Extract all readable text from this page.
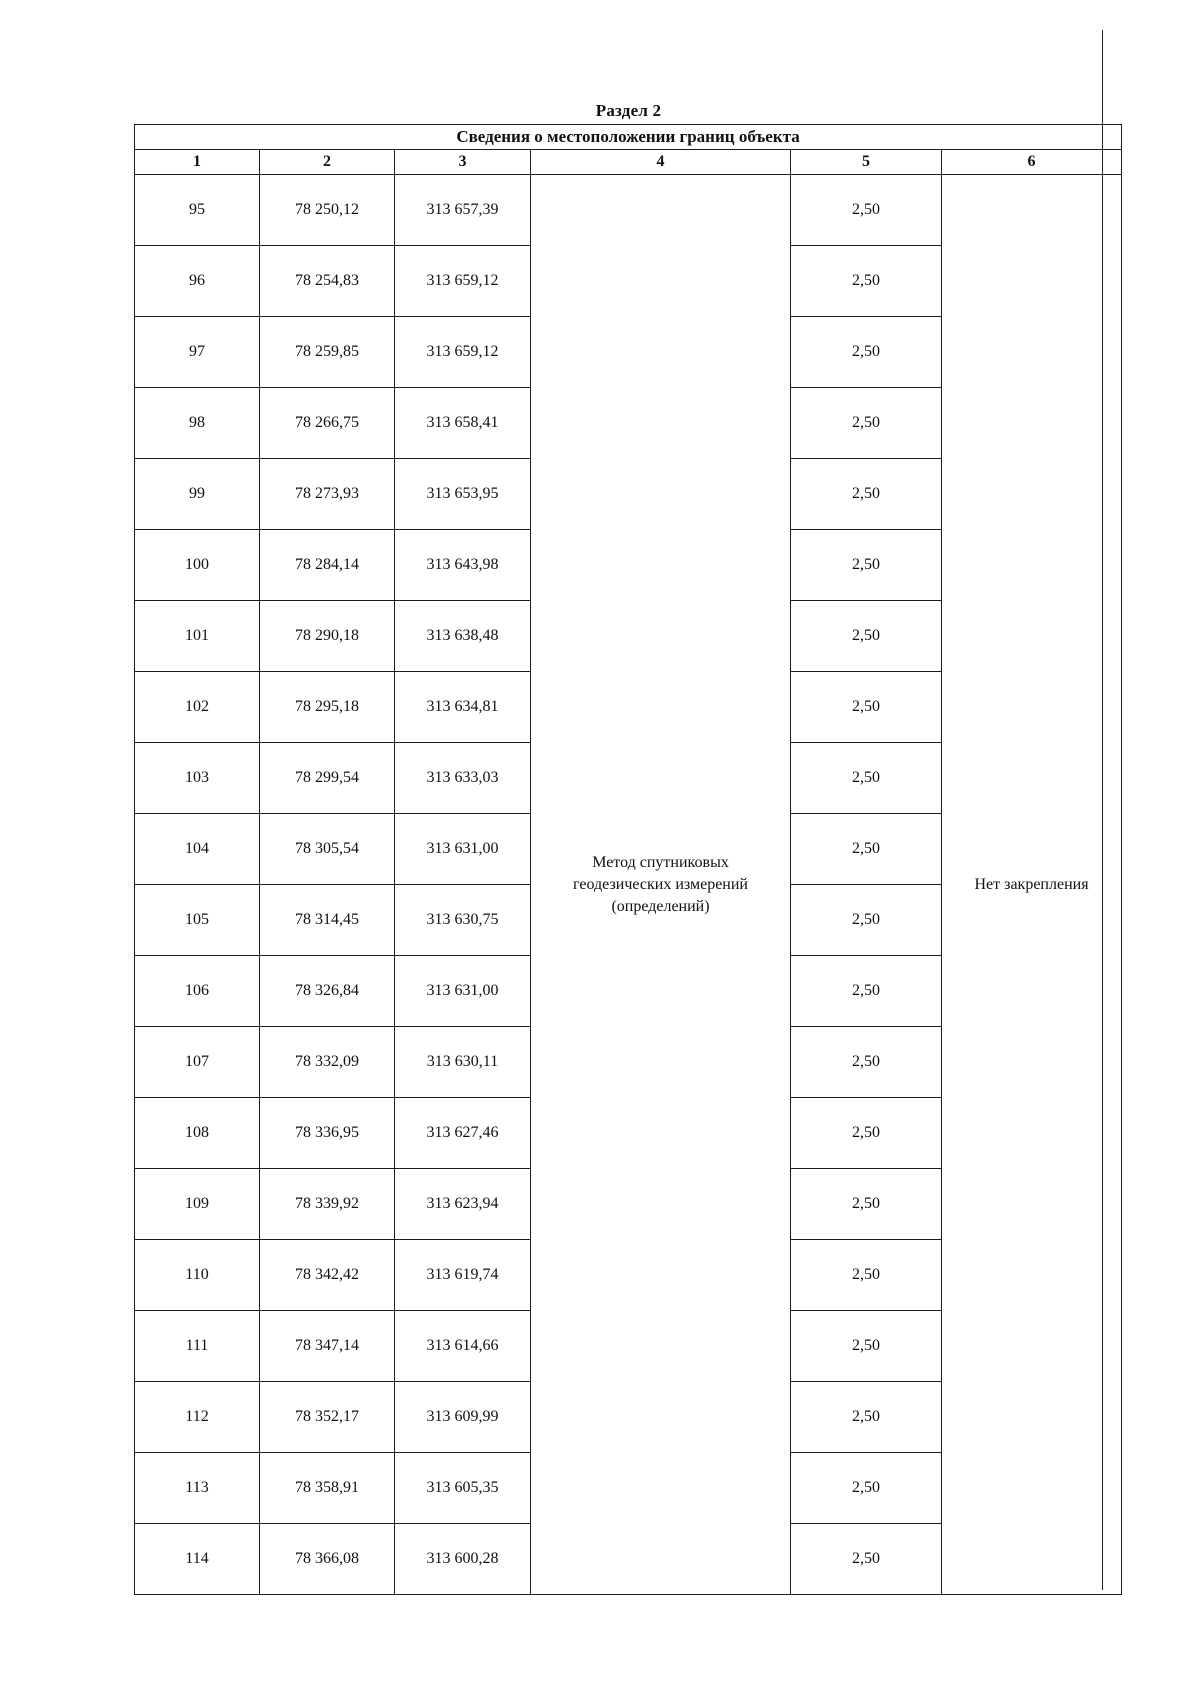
Раздел 2
Сведения о местоположении границ объекта					
1	2	3	4	5	6
95	78 250,12	313 657,39	Метод спутниковых
геодезических измерений
(определений)	2,50	Нет закрепления
96	78 254,83	313 659,12		2,50	
97	78 259,85	313 659,12		2,50	
98	78 266,75	313 658,41		2,50	
99	78 273,93	313 653,95		2,50	
100	78 284,14	313 643,98		2,50	
101	78 290,18	313 638,48		2,50	
102	78 295,18	313 634,81		2,50	
103	78 299,54	313 633,03		2,50	
104	78 305,54	313 631,00		2,50	
105	78 314,45	313 630,75		2,50	
106	78 326,84	313 631,00		2,50	
107	78 332,09	313 630,11		2,50	
108	78 336,95	313 627,46		2,50	
109	78 339,92	313 623,94		2,50	
110	78 342,42	313 619,74		2,50	
111	78 347,14	313 614,66		2,50	
112	78 352,17	313 609,99		2,50	
113	78 358,91	313 605,35		2,50	
114	78 366,08	313 600,28		2,50	
